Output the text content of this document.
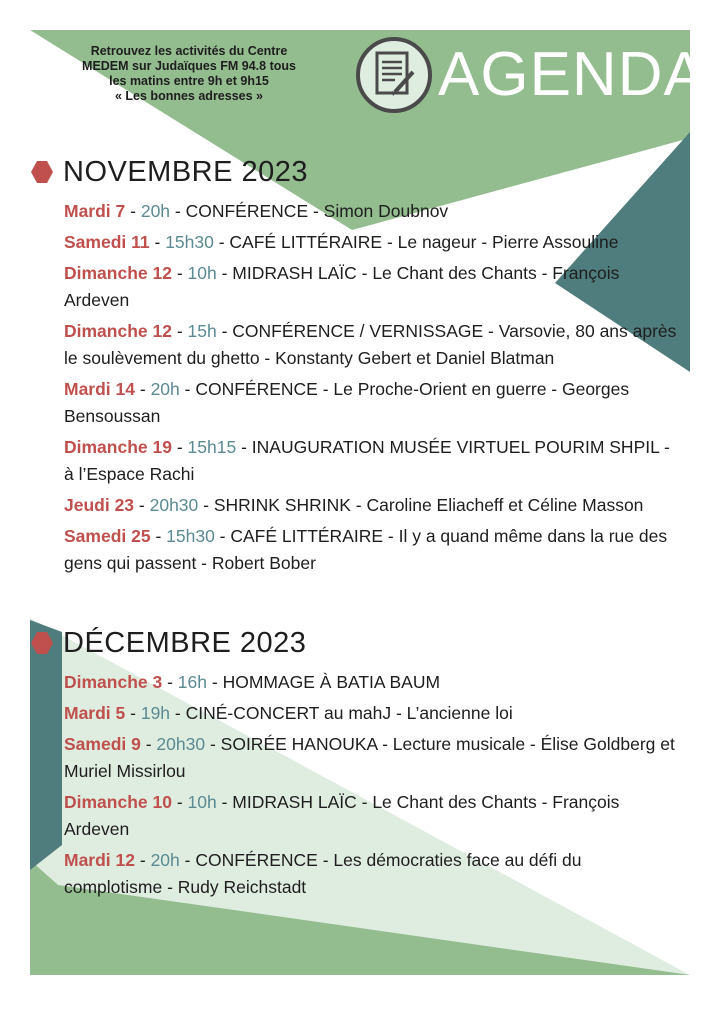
Retrouvez les activités du Centre
MEDEM sur Judaïques FM 94.8 tous
les matins entre 9h et 9h15
« Les bonnes adresses »	AGENDA
NOVEMBRE 2023
Mardi 7 - 20h - CONFÉRENCE - Simon Doubnov
Samedi 11 - 15h30 - CAFÉ LITTÉRAIRE - Le nageur - Pierre Assouline
Dimanche 12 - 10h - MIDRASH LAÏC - Le Chant des Chants - François Ardeven
Dimanche 12 - 15h - CONFÉRENCE / VERNISSAGE - Varsovie, 80 ans après le soulèvement du ghetto - Konstanty Gebert et Daniel Blatman
Mardi 14 - 20h - CONFÉRENCE - Le Proche-Orient en guerre - Georges Bensoussan
Dimanche 19 - 15h15 - INAUGURATION MUSÉE VIRTUEL POURIM SHPIL - à l’Espace Rachi
Jeudi 23 - 20h30 - SHRINK SHRINK - Caroline Eliacheff et Céline Masson
Samedi 25 - 15h30 - CAFÉ LITTÉRAIRE - Il y a quand même dans la rue des gens qui passent - Robert Bober
DÉCEMBRE 2023
Dimanche 3 - 16h - HOMMAGE À BATIA BAUM
Mardi 5 - 19h - CINÉ-CONCERT au mahJ - L’ancienne loi
Samedi 9 - 20h30 - SOIRÉE HANOUKA - Lecture musicale - Élise Goldberg et Muriel Missirlou
Dimanche 10 - 10h - MIDRASH LAÏC - Le Chant des Chants - François Ardeven
Mardi 12 - 20h - CONFÉRENCE - Les démocraties face au défi du complotisme - Rudy Reichstadt
